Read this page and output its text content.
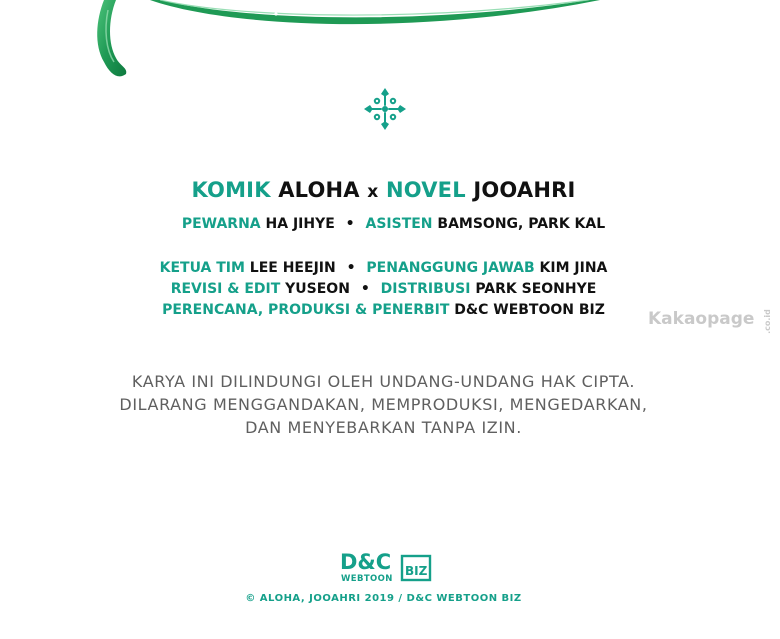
KOMIK ALOHA x NOVEL JOOAHRI
PEWARNA HA JIHYE • ASISTEN BAMSONG, PARK KAL
KETUA TIM LEE HEEJIN • PENANGGUNG JAWAB KIM JINA
REVISI & EDIT YUSEON • DISTRIBUSI PARK SEONHYE
PERENCANA, PRODUKSI & PENERBIT D&C WEBTOON BIZ	Kakaopage .co.id
KARYA INI DILINDUNGI OLEH UNDANG-UNDANG HAK CIPTA.
DILARANG MENGGANDAKAN, MEMPRODUKSI, MENGEDARKAN,
DAN MENYEBARKAN TANPA IZIN.
D&C
WEBTOON
BIZ
© ALOHA, JOOAHRI 2019 / D&C WEBTOON BIZ
